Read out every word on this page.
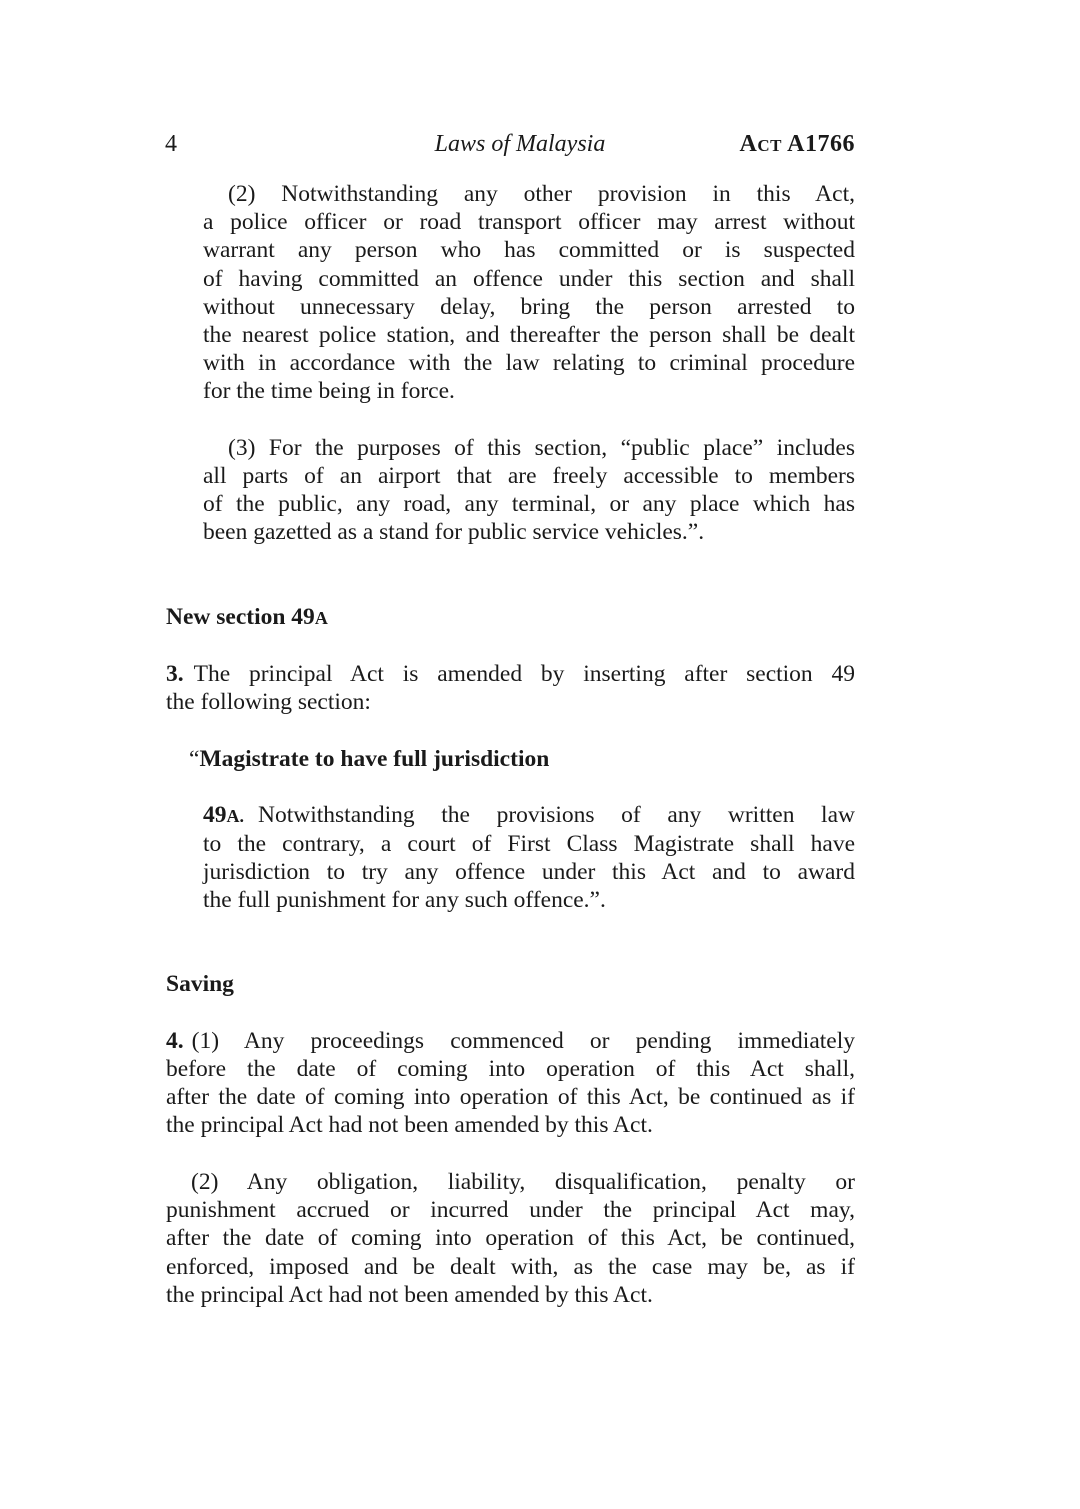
4	Laws of Malaysia	Act A1766
(2) Notwithstanding any other provision in this Act,
a police officer or road transport officer may arrest without
warrant any person who has committed or is suspected
of having committed an offence under this section and shall
without unnecessary delay, bring the person arrested to
the nearest police station, and thereafter the person shall be dealt
with in accordance with the law relating to criminal procedure
for the time being in force.
(3) For the purposes of this section, “public place” includes
all parts of an airport that are freely accessible to members
of the public, any road, any terminal, or any place which has
been gazetted as a stand for public service vehicles.”.
New section 49A
3. The principal Act is amended by inserting after section 49
the following section:
“Magistrate to have full jurisdiction
49A. Notwithstanding the provisions of any written law
to the contrary, a court of First Class Magistrate shall have
jurisdiction to try any offence under this Act and to award
the full punishment for any such offence.”.
Saving
4. (1) Any proceedings commenced or pending immediately
before the date of coming into operation of this Act shall,
after the date of coming into operation of this Act, be continued as if
the principal Act had not been amended by this Act.
(2) Any obligation, liability, disqualification, penalty or
punishment accrued or incurred under the principal Act may,
after the date of coming into operation of this Act, be continued,
enforced, imposed and be dealt with, as the case may be, as if
the principal Act had not been amended by this Act.
